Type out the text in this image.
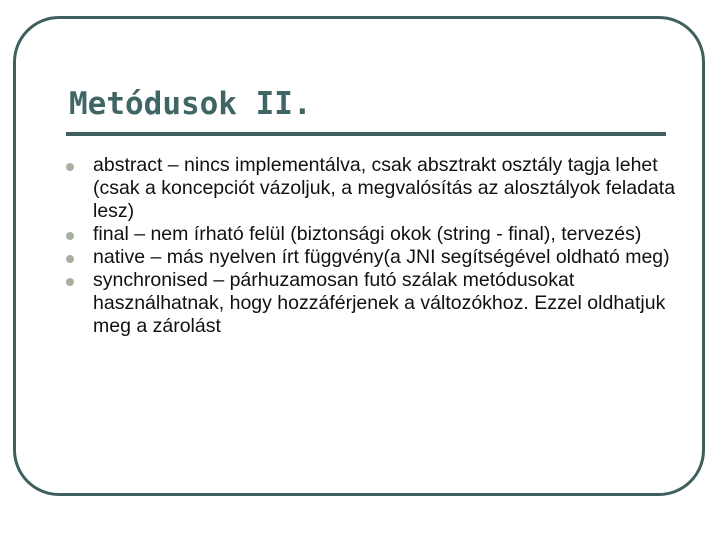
Metódusok II.
abstract – nincs implementálva, csak absztrakt osztály tagja lehet (csak a koncepciót vázoljuk, a megvalósítás az alosztályok feladata lesz)
final – nem írható felül (biztonsági okok (string - final), tervezés)
native – más nyelven írt függvény(a JNI segítségével oldható meg)
synchronised – párhuzamosan futó szálak metódusokat használhatnak, hogy hozzáférjenek a változókhoz. Ezzel oldhatjuk meg a zárolást
